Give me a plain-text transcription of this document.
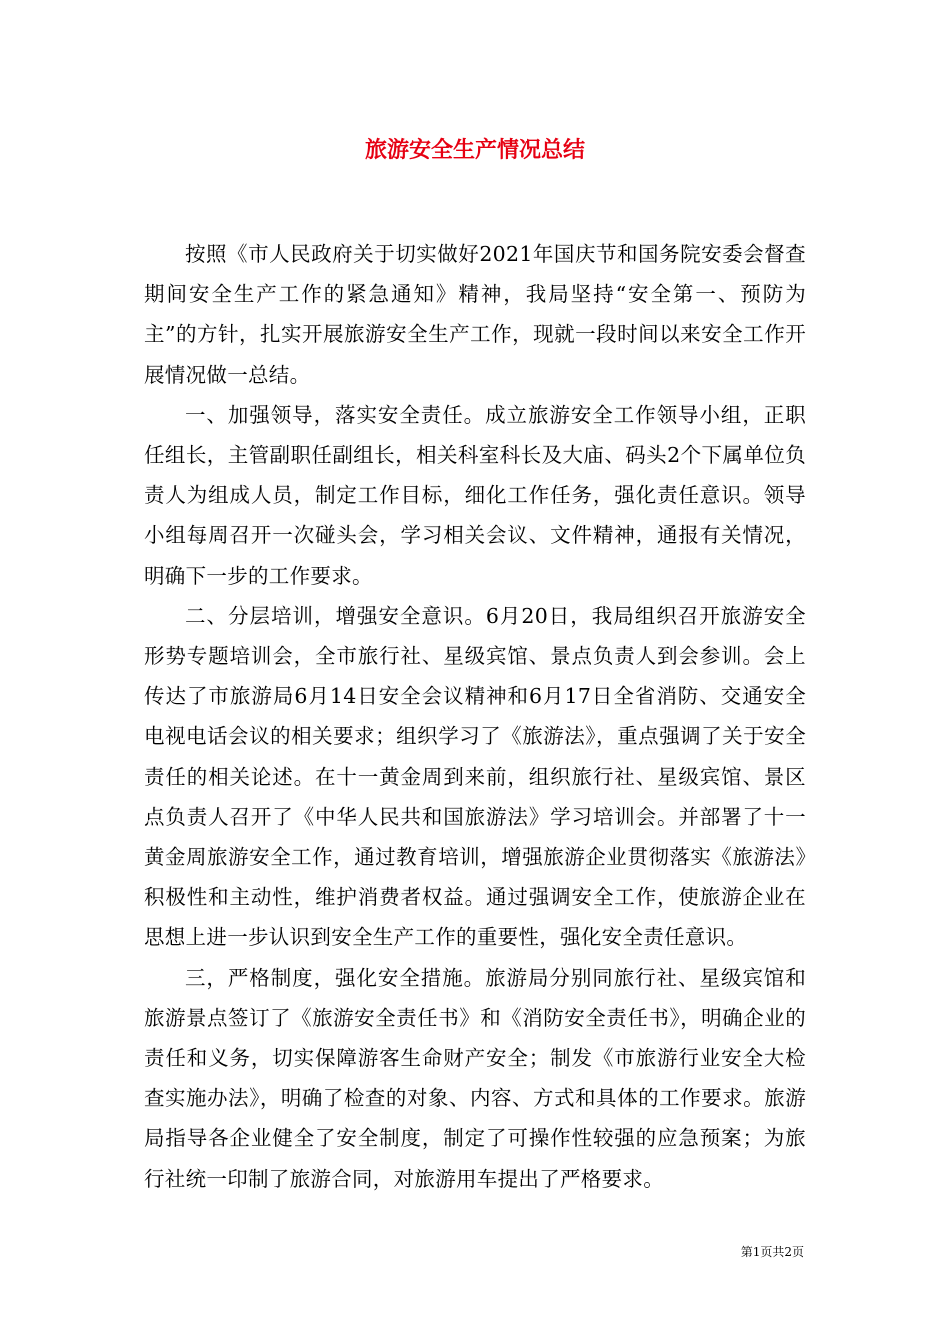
旅游安全生产情况总结

按照《市人民政府关于切实做好2021年国庆节和国务院安委会督查期间安全生产工作的紧急通知》精神，我局坚持“安全第一、预防为主”的方针，扎实开展旅游安全生产工作，现就一段时间以来安全工作开展情况做一总结。

一、加强领导，落实安全责任。成立旅游安全工作领导小组，正职任组长，主管副职任副组长，相关科室科长及大庙、码头2个下属单位负责人为组成人员，制定工作目标，细化工作任务，强化责任意识。领导小组每周召开一次碰头会，学习相关会议、文件精神，通报有关情况，明确下一步的工作要求。

二、分层培训，增强安全意识。6月20日，我局组织召开旅游安全形势专题培训会，全市旅行社、星级宾馆、景点负责人到会参训。会上传达了市旅游局6月14日安全会议精神和6月17日全省消防、交通安全电视电话会议的相关要求；组织学习了《旅游法》，重点强调了关于安全责任的相关论述。在十一黄金周到来前，组织旅行社、星级宾馆、景区点负责人召开了《中华人民共和国旅游法》学习培训会。并部署了十一黄金周旅游安全工作，通过教育培训，增强旅游企业贯彻落实《旅游法》积极性和主动性，维护消费者权益。通过强调安全工作，使旅游企业在思想上进一步认识到安全生产工作的重要性，强化安全责任意识。

三，严格制度，强化安全措施。旅游局分别同旅行社、星级宾馆和旅游景点签订了《旅游安全责任书》和《消防安全责任书》，明确企业的责任和义务，切实保障游客生命财产安全；制发《市旅游行业安全大检查实施办法》，明确了检查的对象、内容、方式和具体的工作要求。旅游局指导各企业健全了安全制度，制定了可操作性较强的应急预案；为旅行社统一印制了旅游合同，对旅游用车提出了严格要求。

第1页共2页
